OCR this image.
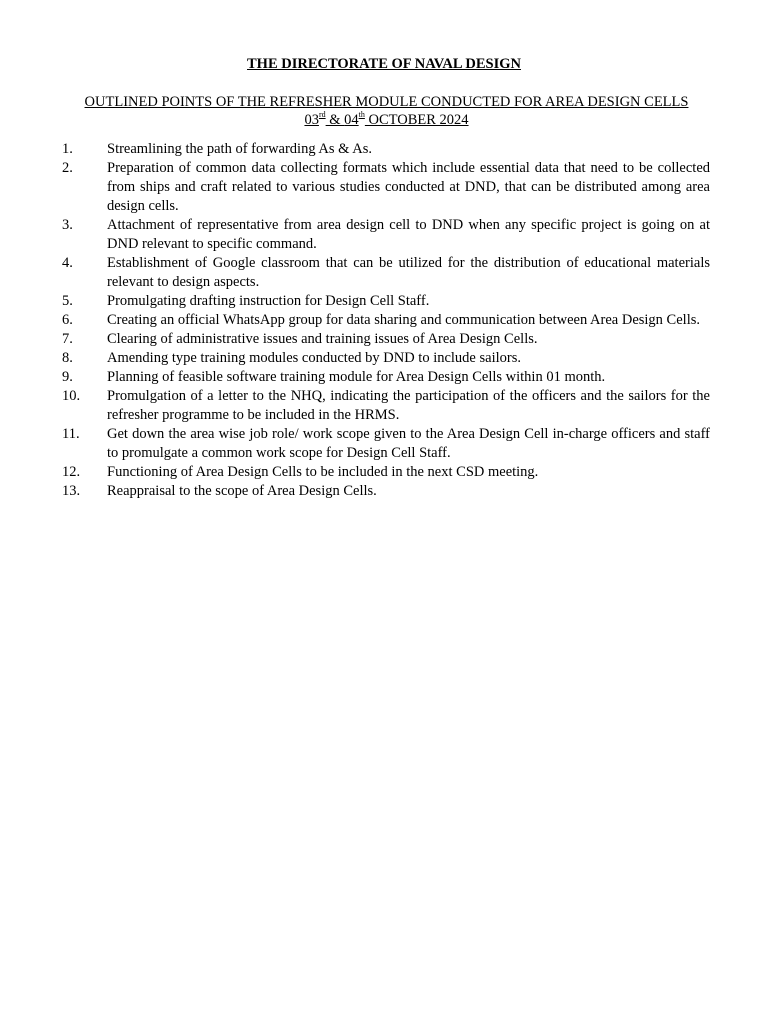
THE DIRECTORATE OF NAVAL DESIGN
OUTLINED POINTS OF THE REFRESHER MODULE CONDUCTED FOR AREA DESIGN CELLS
03rd & 04th OCTOBER 2024
1. Streamlining the path of forwarding As & As.
2. Preparation of common data collecting formats which include essential data that need to be collected from ships and craft related to various studies conducted at DND, that can be distributed among area design cells.
3. Attachment of representative from area design cell to DND when any specific project is going on at DND relevant to specific command.
4. Establishment of Google classroom that can be utilized for the distribution of educational materials relevant to design aspects.
5. Promulgating drafting instruction for Design Cell Staff.
6. Creating an official WhatsApp group for data sharing and communication between Area Design Cells.
7. Clearing of administrative issues and training issues of Area Design Cells.
8. Amending type training modules conducted by DND to include sailors.
9. Planning of feasible software training module for Area Design Cells within 01 month.
10. Promulgation of a letter to the NHQ, indicating the participation of the officers and the sailors for the refresher programme to be included in the HRMS.
11. Get down the area wise job role/ work scope given to the Area Design Cell in-charge officers and staff to promulgate a common work scope for Design Cell Staff.
12. Functioning of Area Design Cells to be included in the next CSD meeting.
13. Reappraisal to the scope of Area Design Cells.
